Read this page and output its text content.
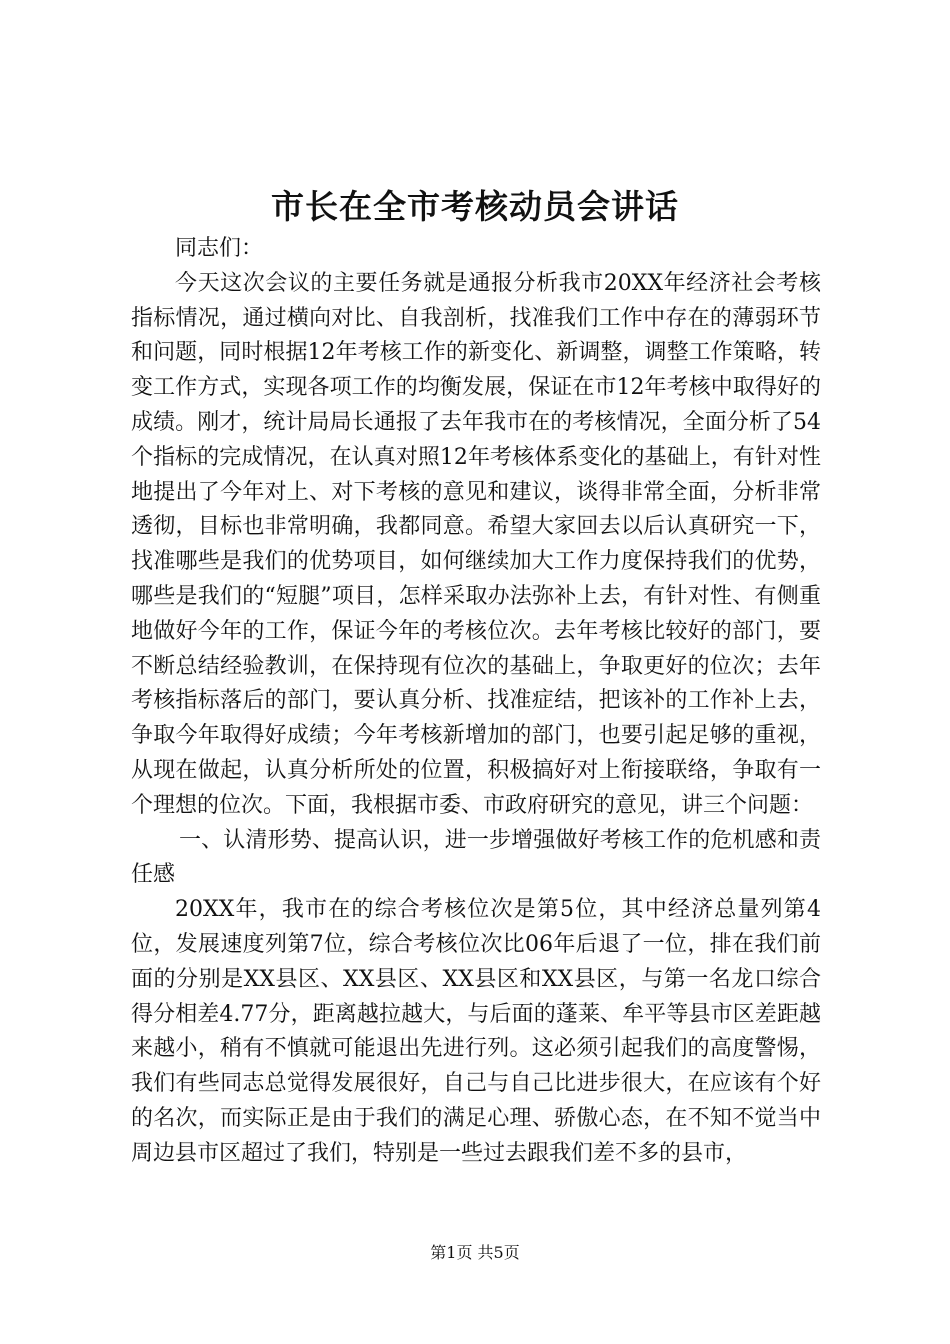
市长在全市考核动员会讲话

同志们：

今天这次会议的主要任务就是通报分析我市20XX年经济社会考核指标情况，通过横向对比、自我剖析，找准我们工作中存在的薄弱环节和问题，同时根据12年考核工作的新变化、新调整，调整工作策略，转变工作方式，实现各项工作的均衡发展，保证在市12年考核中取得好的成绩。刚才，统计局局长通报了去年我市在的考核情况，全面分析了54个指标的完成情况，在认真对照12年考核体系变化的基础上，有针对性地提出了今年对上、对下考核的意见和建议，谈得非常全面，分析非常透彻，目标也非常明确，我都同意。希望大家回去以后认真研究一下，找准哪些是我们的优势项目，如何继续加大工作力度保持我们的优势，哪些是我们的“短腿”项目，怎样采取办法弥补上去，有针对性、有侧重地做好今年的工作，保证今年的考核位次。去年考核比较好的部门，要不断总结经验教训，在保持现有位次的基础上，争取更好的位次；去年考核指标落后的部门，要认真分析、找准症结，把该补的工作补上去，争取今年取得好成绩；今年考核新增加的部门，也要引起足够的重视，从现在做起，认真分析所处的位置，积极搞好对上衔接联络，争取有一个理想的位次。下面，我根据市委、市政府研究的意见，讲三个问题：

一、认清形势、提高认识，进一步增强做好考核工作的危机感和责任感

20XX年，我市在的综合考核位次是第5位，其中经济总量列第4位，发展速度列第7位，综合考核位次比06年后退了一位，排在我们前面的分别是XX县区、XX县区、XX县区和XX县区，与第一名龙口综合得分相差4.77分，距离越拉越大，与后面的蓬莱、牟平等县市区差距越来越小，稍有不慎就可能退出先进行列。这必须引起我们的高度警惕，我们有些同志总觉得发展很好，自己与自己比进步很大，在应该有个好的名次，而实际正是由于我们的满足心理、骄傲心态，在不知不觉当中周边县市区超过了我们，特别是一些过去跟我们差不多的县市，

第1页 共5页
